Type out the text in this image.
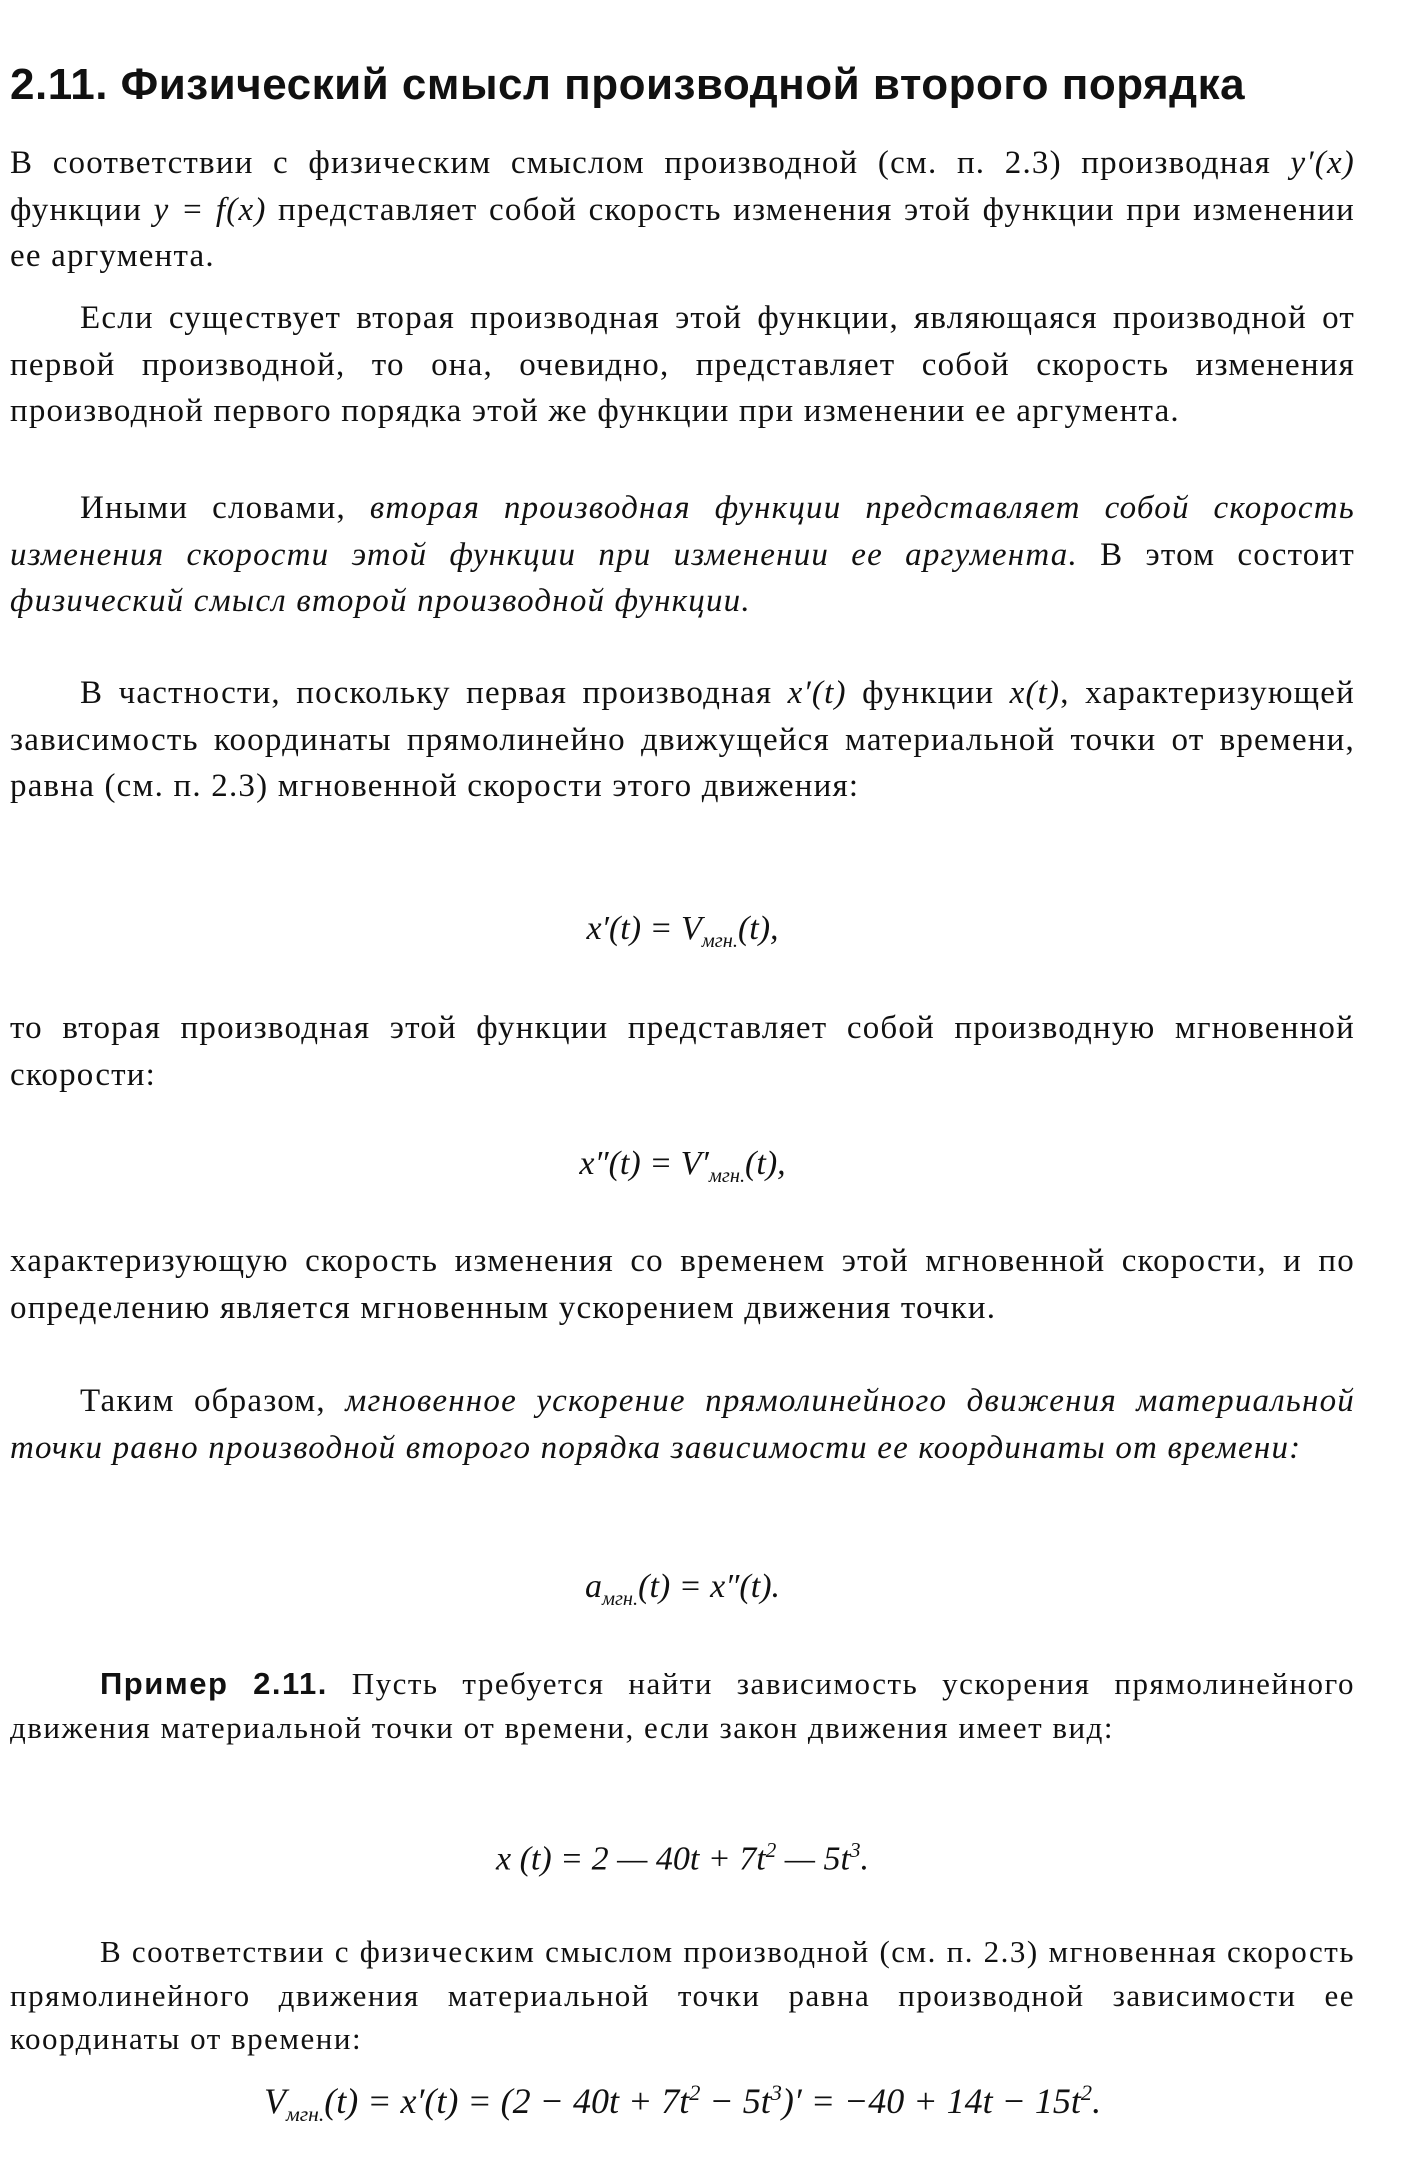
2.11. Физический смысл производной второго порядка
В соответствии с физическим смыслом производной (см. п. 2.3) производная y′(x) функции y = f(x) представляет собой скорость изменения этой функции при изменении ее аргумента.
Если существует вторая производная этой функции, являющаяся производной от первой производной, то она, очевидно, представляет собой скорость изменения производной первого порядка этой же функции при изменении ее аргумента.
Иными словами, вторая производная функции представляет собой скорость изменения скорости этой функции при изменении ее аргумента. В этом состоит физический смысл второй производной функции.
В частности, поскольку первая производная x′(t) функции x(t), характеризующей зависимость координаты прямолинейно движущейся материальной точки от времени, равна (см. п. 2.3) мгновенной скорости этого движения:
$x'(t) = V_{мгн.}(t)$,
то вторая производная этой функции представляет собой производную мгновенной скорости:
$x''(t) = V'_{мгн.}(t)$,
характеризующую скорость изменения со временем этой мгновенной скорости, и по определению является мгновенным ускорением движения точки.
Таким образом, мгновенное ускорение прямолинейного движения материальной точки равно производной второго порядка зависимости ее координаты от времени:
$a_{мгн.}(t) = x''(t)$.
Пример 2.11. Пусть требуется найти зависимость ускорения прямолинейного движения материальной точки от времени, если закон движения имеет вид:
x (t) = 2 — $40t + 7t^2$ — $5t^3$.
В соответствии с физическим смыслом производной (см. п. 2.3) мгновенная скорость прямолинейного движения материальной точки равна производной зависимости ее координаты от времени:
$V_{мгн.}(t) = x'(t) = (2 - 40t + 7t^2 - 5t^3)' = -40 + 14t - 15t^2$.
